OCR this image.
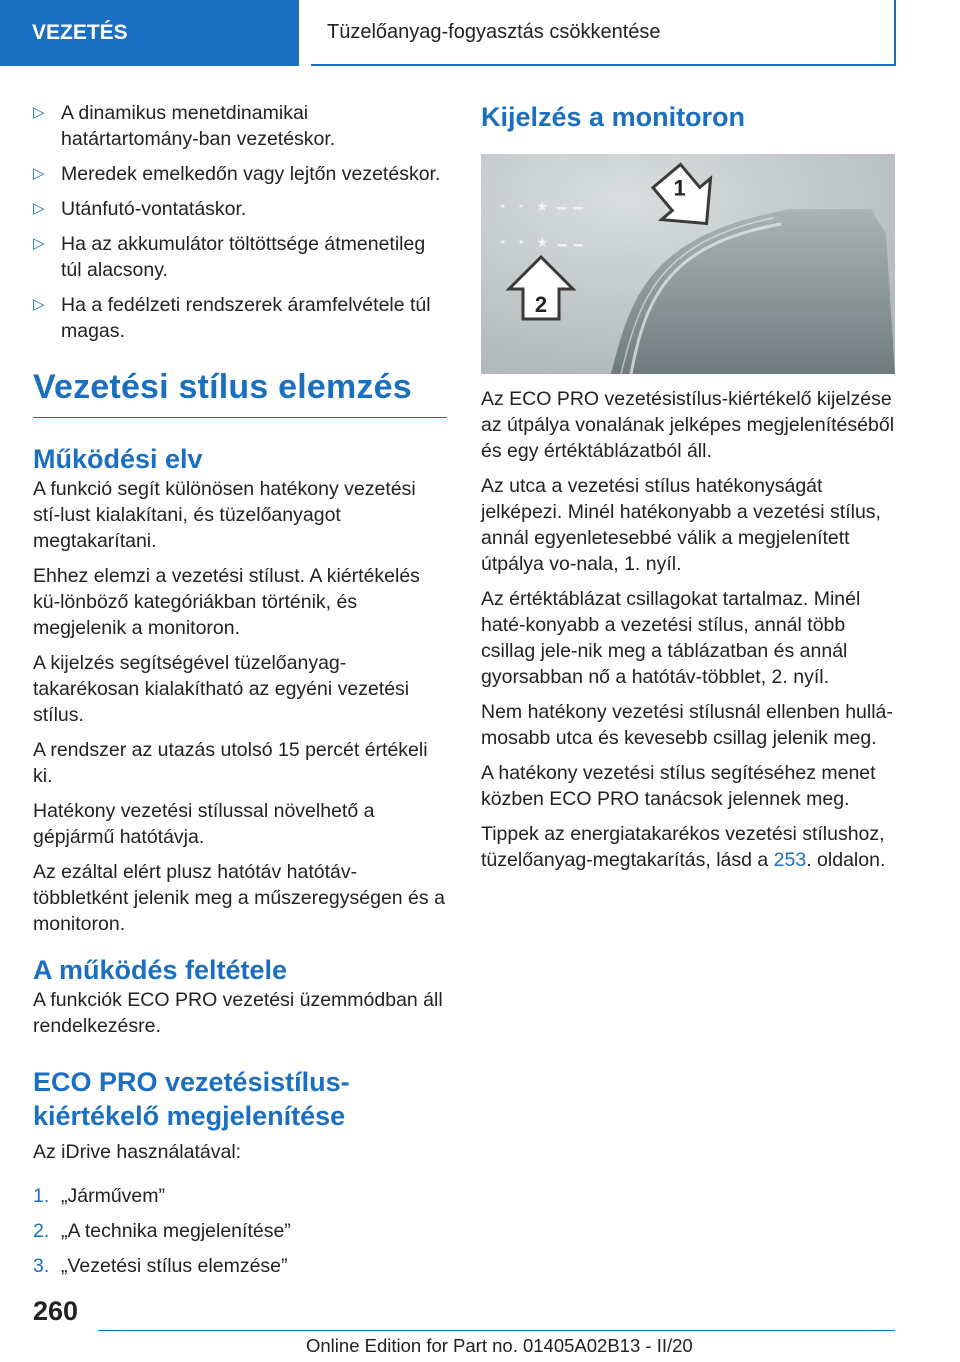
VEZETÉS	Tüzelőanyag-fogyasztás csökkentése
▷ A dinamikus menetdinamikai határtartomány-ban vezetéskor.
▷ Meredek emelkedőn vagy lejtőn vezetéskor.
▷ Utánfutó-vontatáskor.
▷ Ha az akkumulátor töltöttsége átmenetileg túl alacsony.
▷ Ha a fedélzeti rendszerek áramfelvétele túl magas.
Vezetési stílus elemzés
Működési elv

A funkció segít különösen hatékony vezetési stí-lust kialakítani, és tüzelőanyagot megtakarítani.

Ehhez elemzi a vezetési stílust. A kiértékelés kü-lönböző kategóriákban történik, és megjelenik a monitoron.

A kijelzés segítségével tüzelőanyag-takarékosan kialakítható az egyéni vezetési stílus.

A rendszer az utazás utolsó 15 percét értékeli ki.

Hatékony vezetési stílussal növelhető a gépjármű hatótávja.

Az ezáltal elért plusz hatótáv hatótáv-többletként jelenik meg a műszeregységen és a monitoron.

A működés feltétele

A funkciók ECO PRO vezetési üzemmódban áll rendelkezésre.

ECO PRO vezetésistílus-kiértékelő megjelenítése

Az iDrive használatával:

1. „Járművem”
2. „A technika megjelenítése”
3. „Vezetési stílus elemzése”
Kijelzés a monitoron
★
★
1
2

Az ECO PRO vezetésistílus-kiértékelő kijelzése az útpálya vonalának jelképes megjelenítéséből és egy értéktáblázatból áll.

Az utca a vezetési stílus hatékonyságát jelképezi. Minél hatékonyabb a vezetési stílus, annál egyenletesebbé válik a megjelenített útpálya vo-nala, 1. nyíl.

Az értéktáblázat csillagokat tartalmaz. Minél haté-konyabb a vezetési stílus, annál több csillag jele-nik meg a táblázatban és annál gyorsabban nő a hatótáv-többlet, 2. nyíl.

Nem hatékony vezetési stílusnál ellenben hullá-mosabb utca és kevesebb csillag jelenik meg.

A hatékony vezetési stílus segítéséhez menet közben ECO PRO tanácsok jelennek meg.

Tippek az energiatakarékos vezetési stílushoz, tüzelőanyag-megtakarítás, lásd a 253. oldalon.

260
Online Edition for Part no. 01405A02B13 - II/20
